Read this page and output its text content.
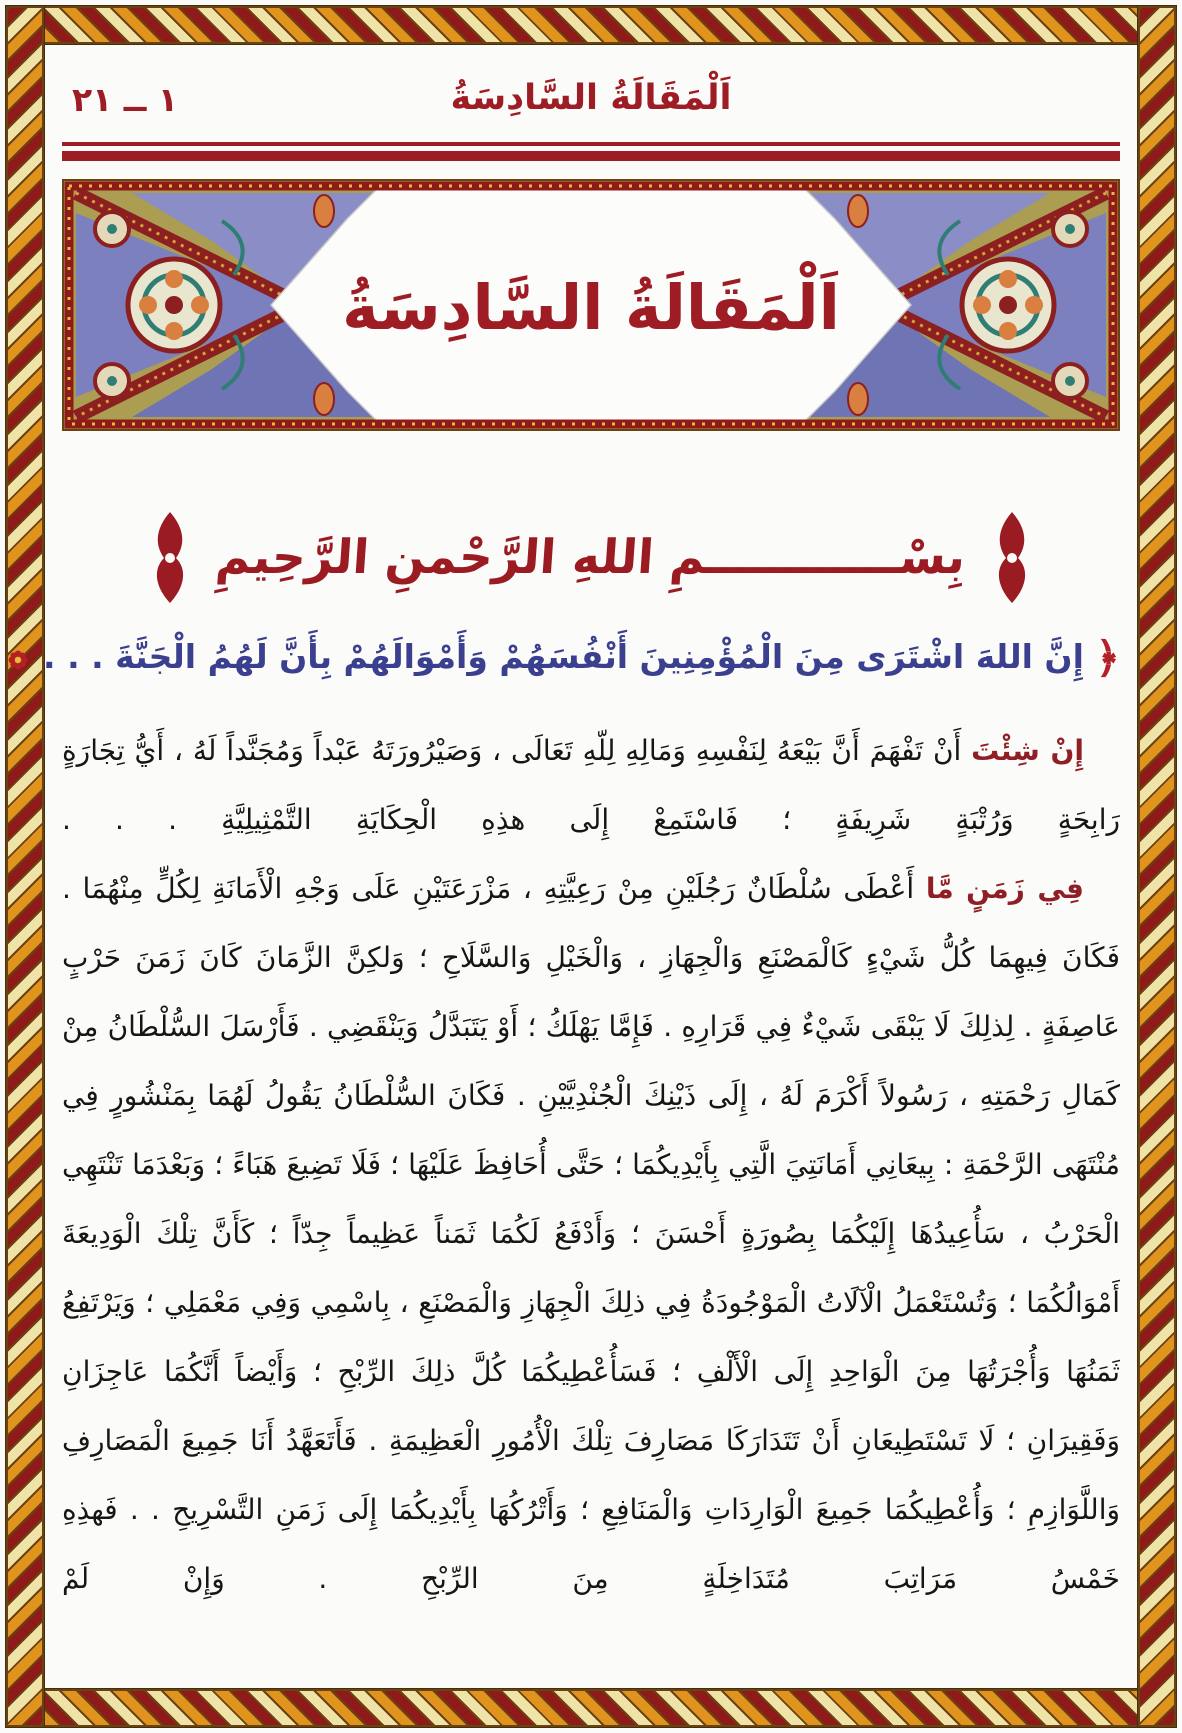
١ ــ ٢١	اَلْمَقَالَةُ السَّادِسَةُ
اَلْمَقَالَةُ السَّادِسَةُ
بِسْــــــــــــمِ اللهِ الرَّحْمنِ الرَّحِيمِ
﴿ إِنَّ اللهَ اشْتَرَى مِنَ الْمُؤْمِنِينَ أَنْفُسَهُمْ وَأَمْوَالَهُمْ بِأَنَّ لَهُمُ الْجَنَّةَ . . .

إِنْ شِئْتَ أَنْ تَفْهَمَ أَنَّ بَيْعَهُ لِنَفْسِهِ وَمَالِهِ لِلّهِ تَعَالَى ، وَصَيْرُورَتَهُ عَبْداً وَمُجَنَّداً لَهُ ، أَيُّ تِجَارَةٍ رَابِحَةٍ وَرُتْبَةٍ شَرِيفَةٍ ؛ فَاسْتَمِعْ إِلَى هذِهِ الْحِكَايَةِ التَّمْثِيلِيَّةِ . . .

فِي زَمَنٍ مَّا أَعْطَى سُلْطَانٌ رَجُلَيْنِ مِنْ رَعِيَّتِهِ ، مَزْرَعَتَيْنِ عَلَى وَجْهِ الْأَمَانَةِ لِكُلٍّ مِنْهُمَا . فَكَانَ فِيهِمَا كُلُّ شَيْءٍ كَالْمَصْنَعِ وَالْجِهَازِ ، وَالْخَيْلِ وَالسَّلَاحِ ؛ وَلكِنَّ الزَّمَانَ كَانَ زَمَنَ حَرْبٍ عَاصِفَةٍ . لِذلِكَ لَا يَبْقَى شَيْءٌ فِي قَرَارِهِ . فَإِمَّا يَهْلَكُ ؛ أَوْ يَتَبَدَّلُ وَيَنْقَضِي . فَأَرْسَلَ السُّلْطَانُ مِنْ كَمَالِ رَحْمَتِهِ ، رَسُولاً أَكْرَمَ لَهُ ، إِلَى ذَيْنِكَ الْجُنْدِيَّيْنِ . فَكَانَ السُّلْطَانُ يَقُولُ لَهُمَا بِمَنْشُورٍ فِي مُنْتَهَى الرَّحْمَةِ : بِيعَانِي أَمَانَتِيَ الَّتِي بِأَيْدِيكُمَا ؛ حَتَّى أُحَافِظَ عَلَيْهَا ؛ فَلَا تَضِيعَ هَبَاءً ؛ وَبَعْدَمَا تَنْتَهِي الْحَرْبُ ، سَأُعِيدُهَا إِلَيْكُمَا بِصُورَةٍ أَحْسَنَ ؛ وَأَدْفَعُ لَكُمَا ثَمَناً عَظِيماً جِدّاً ؛ كَأَنَّ تِلْكَ الْوَدِيعَةَ أَمْوَالُكُمَا ؛ وَتُسْتَعْمَلُ الْآلَاتُ الْمَوْجُودَةُ فِي ذلِكَ الْجِهَازِ وَالْمَصْنَعِ ، بِاسْمِي وَفِي مَعْمَلِي ؛ وَيَرْتَفِعُ ثَمَنُهَا وَأُجْرَتُهَا مِنَ الْوَاحِدِ إِلَى الْأَلْفِ ؛ فَسَأُعْطِيكُمَا كُلَّ ذلِكَ الرِّبْحِ ؛ وَأَيْضاً أَنَّكُمَا عَاجِزَانِ وَفَقِيرَانِ ؛ لَا تَسْتَطِيعَانِ أَنْ تَتَدَارَكَا مَصَارِفَ تِلْكَ الْأُمُورِ الْعَظِيمَةِ . فَأَتَعَهَّدُ أَنَا جَمِيعَ الْمَصَارِفِ وَاللَّوَازِمِ ؛ وَأُعْطِيكُمَا جَمِيعَ الْوَارِدَاتِ وَالْمَنَافِعِ ؛ وَأَتْرُكُهَا بِأَيْدِيكُمَا إِلَى زَمَنِ التَّسْرِيحِ . . فَهذِهِ خَمْسُ مَرَاتِبَ مُتَدَاخِلَةٍ مِنَ الرِّبْحِ . وَإِنْ لَمْ
